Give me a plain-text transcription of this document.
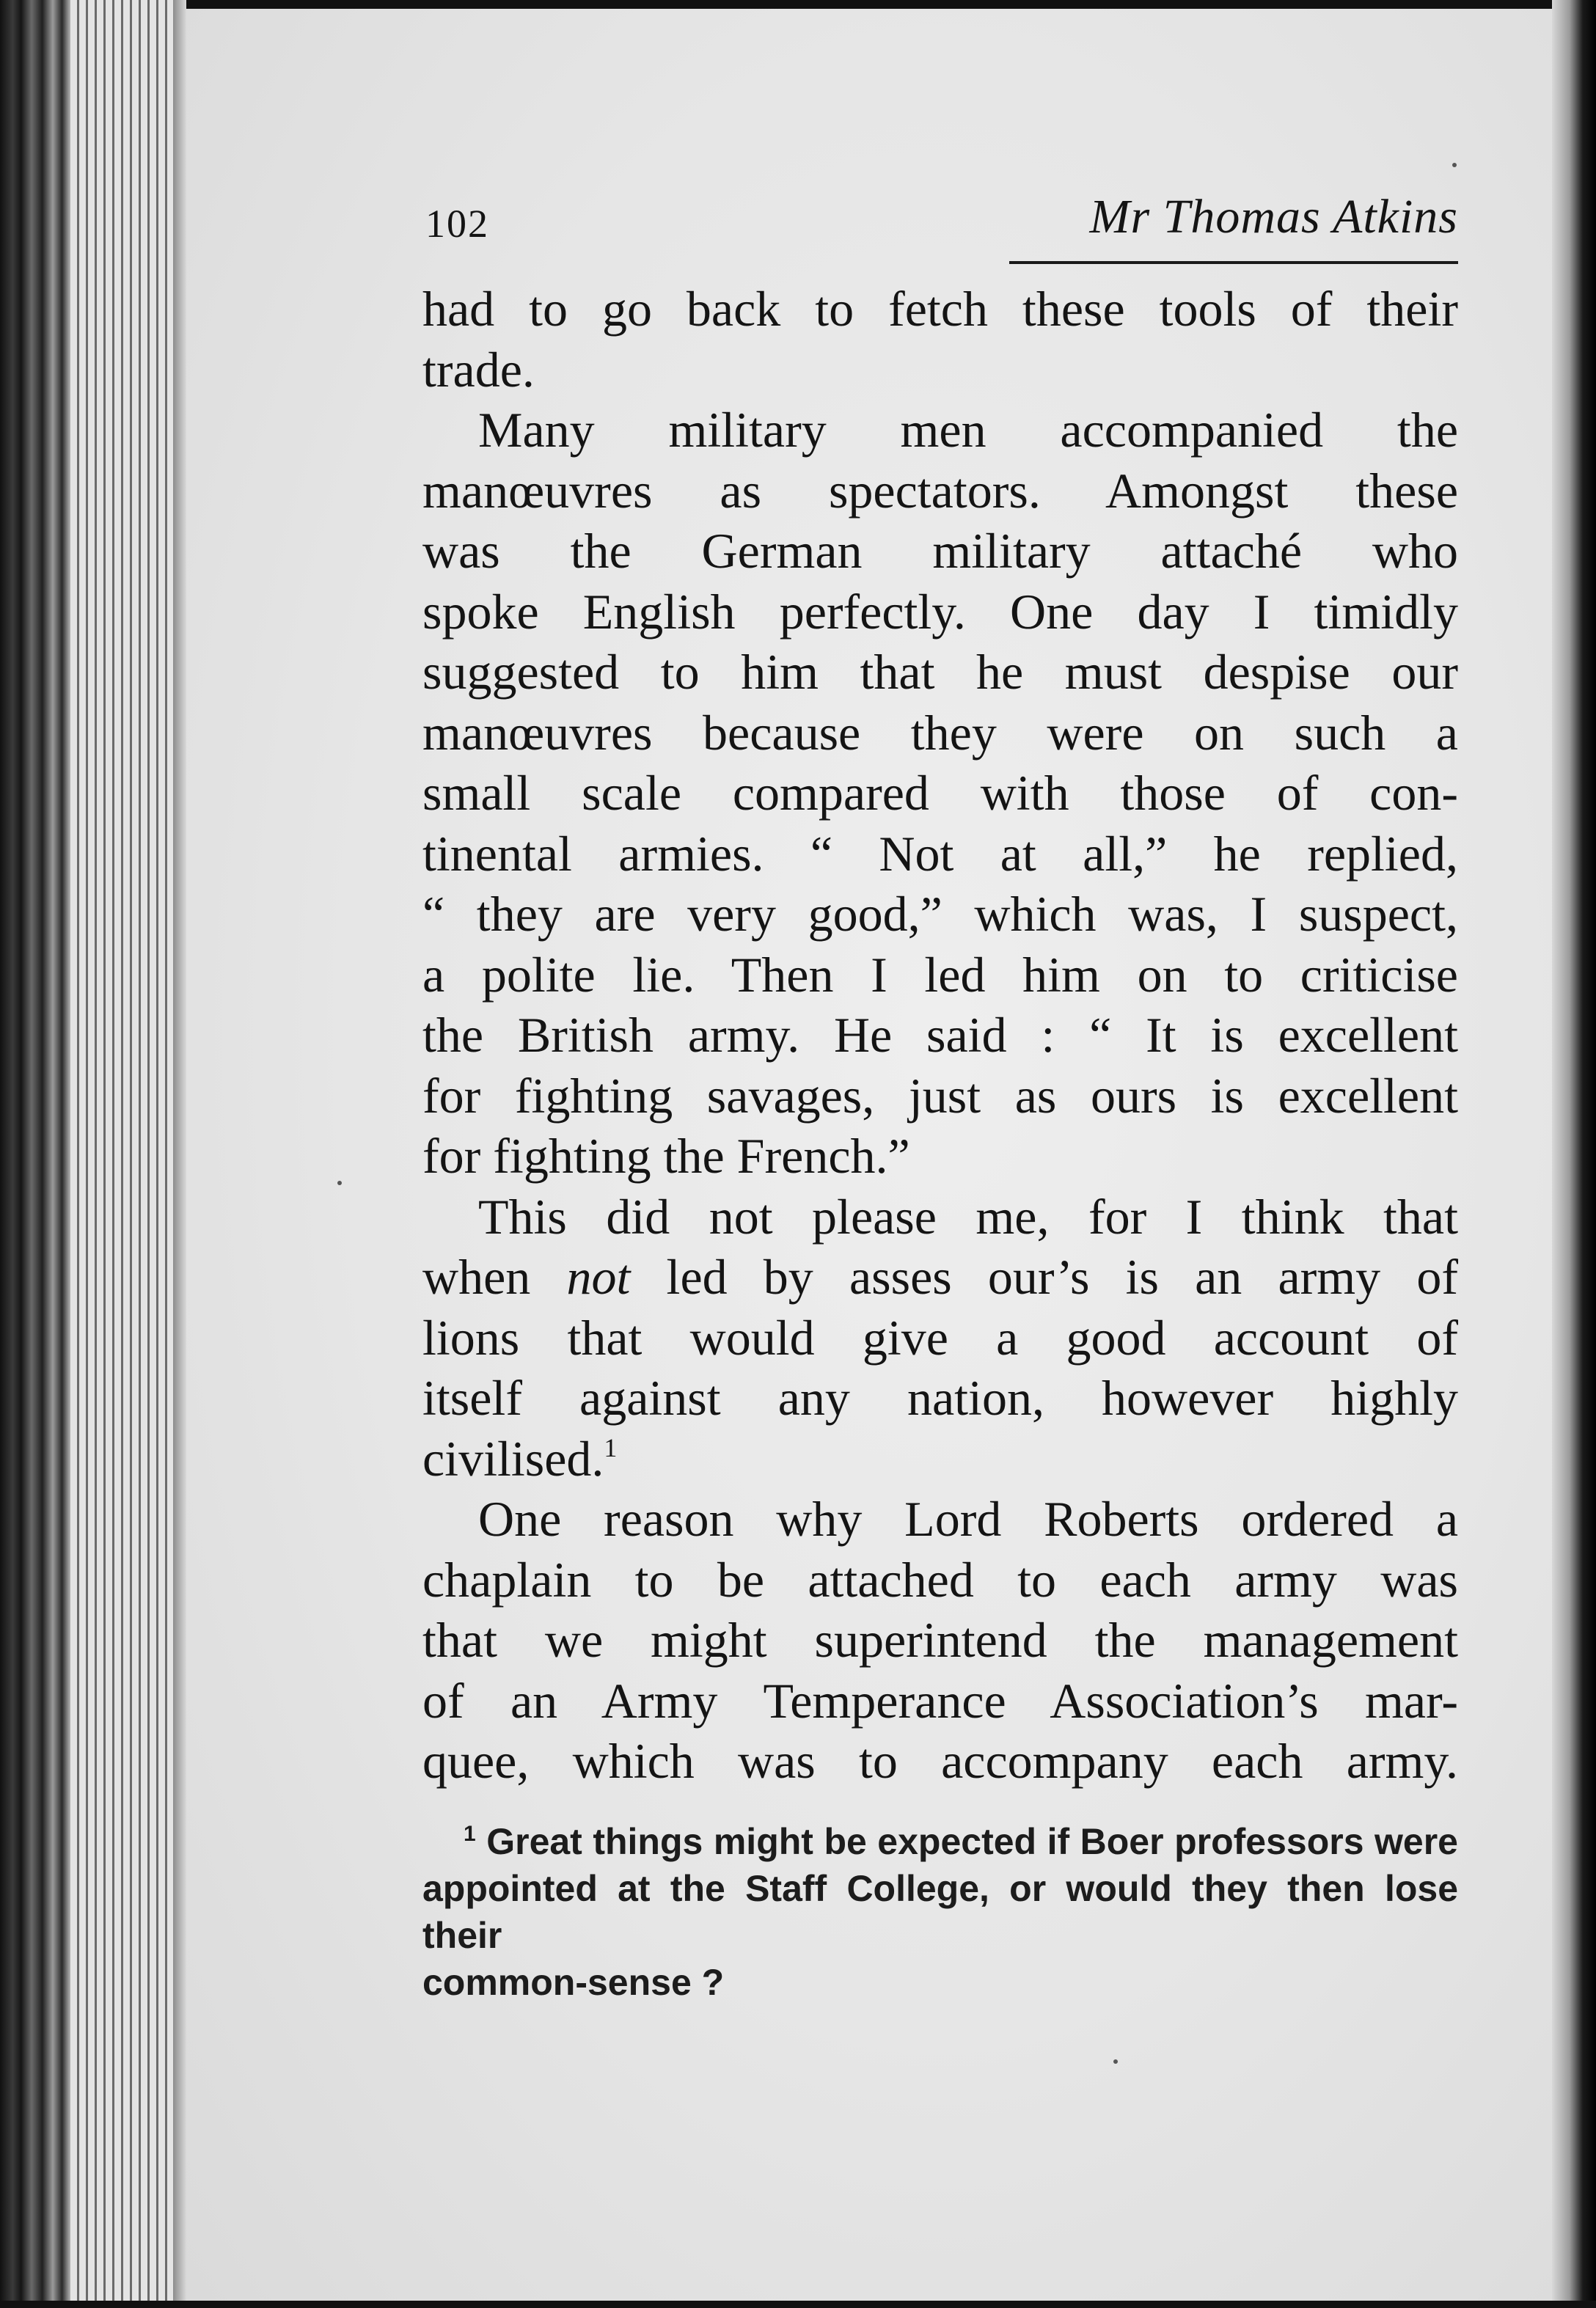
102	Mr Thomas Atkins

had to go back to fetch these tools of their

trade.

Many military men accompanied the

manœuvres as spectators. Amongst these

was the German military attaché who

spoke English perfectly. One day I timidly

suggested to him that he must despise our

manœuvres because they were on such a

small scale compared with those of con-

tinental armies. “ Not at all,” he replied,

“ they are very good,” which was, I suspect,

a polite lie. Then I led him on to criticise

the British army. He said : “ It is excellent

for fighting savages, just as ours is excellent

for fighting the French.”

This did not please me, for I think that

when not led by asses our’s is an army of

lions that would give a good account of

itself against any nation, however highly

civilised.$^1$

One reason why Lord Roberts ordered a

chaplain to be attached to each army was

that we might superintend the management

of an Army Temperance Association’s mar-

quee, which was to accompany each army.

$^1$ Great things might be expected if Boer professors were

appointed at the Staff College, or would they then lose their

common-sense ?
